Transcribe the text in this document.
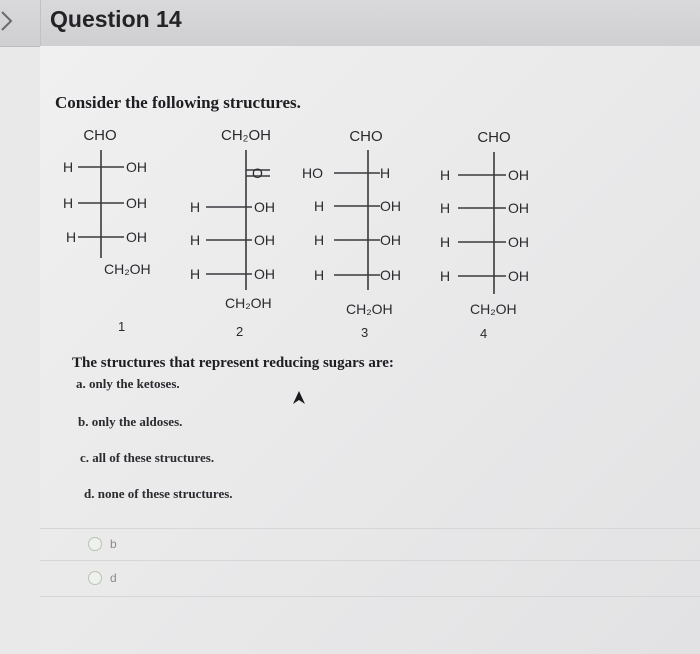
Question 14
Consider the following structures.
CHO
H	OH
H	OH
H	OH
CH₂OH
1
CH₂OH
O
H	OH
H	OH
H	OH
CH₂OH
2
CHO
HO	H
H	OH
H	OH
H	OH
CH₂OH
3
CHO
H	OH
H	OH
H	OH
H	OH
CH₂OH
4
The structures that represent reducing sugars are:
a. only the ketoses.
b. only the aldoses.
c. all of these structures.
d. none of these structures.
b
d
